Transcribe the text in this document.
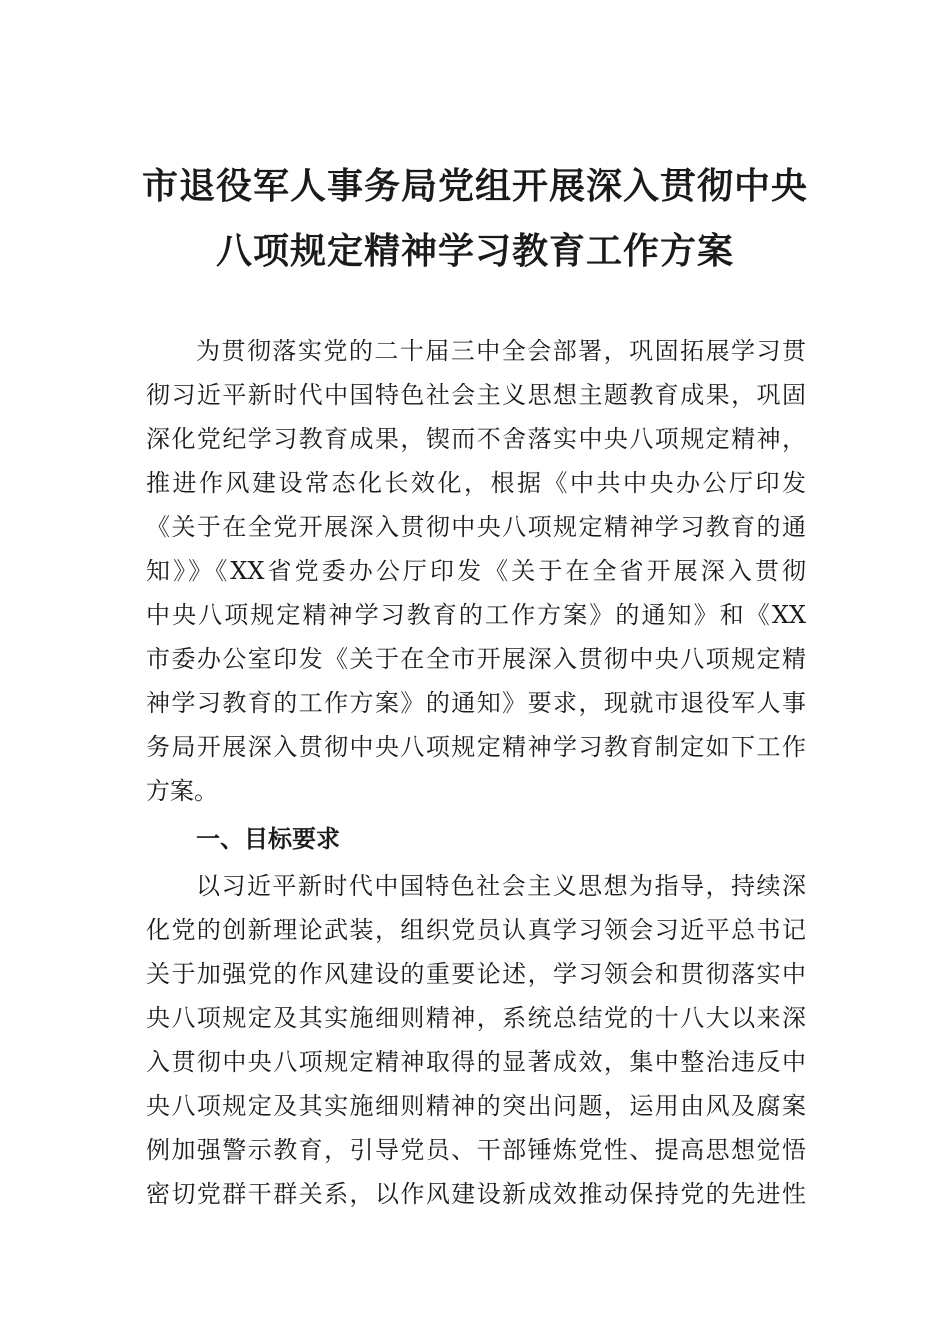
市退役军人事务局党组开展深入贯彻中央
八项规定精神学习教育工作方案

为贯彻落实党的二十届三中全会部署，巩固拓展学习贯

彻习近平新时代中国特色社会主义思想主题教育成果，巩固

深化党纪学习教育成果，锲而不舍落实中央八项规定精神，

推进作风建设常态化长效化，根据《中共中央办公厅印发

《关于在全党开展深入贯彻中央八项规定精神学习教育的通

知》》《XX省党委办公厅印发《关于在全省开展深入贯彻

中央八项规定精神学习教育的工作方案》的通知》和《XX

市委办公室印发《关于在全市开展深入贯彻中央八项规定精

神学习教育的工作方案》的通知》要求，现就市退役军人事

务局开展深入贯彻中央八项规定精神学习教育制定如下工作

方案。

一、目标要求

以习近平新时代中国特色社会主义思想为指导，持续深

化党的创新理论武装，组织党员认真学习领会习近平总书记

关于加强党的作风建设的重要论述，学习领会和贯彻落实中

央八项规定及其实施细则精神，系统总结党的十八大以来深

入贯彻中央八项规定精神取得的显著成效，集中整治违反中

央八项规定及其实施细则精神的突出问题，运用由风及腐案

例加强警示教育，引导党员、干部锤炼党性、提高思想觉悟

密切党群干群关系，以作风建设新成效推动保持党的先进性
